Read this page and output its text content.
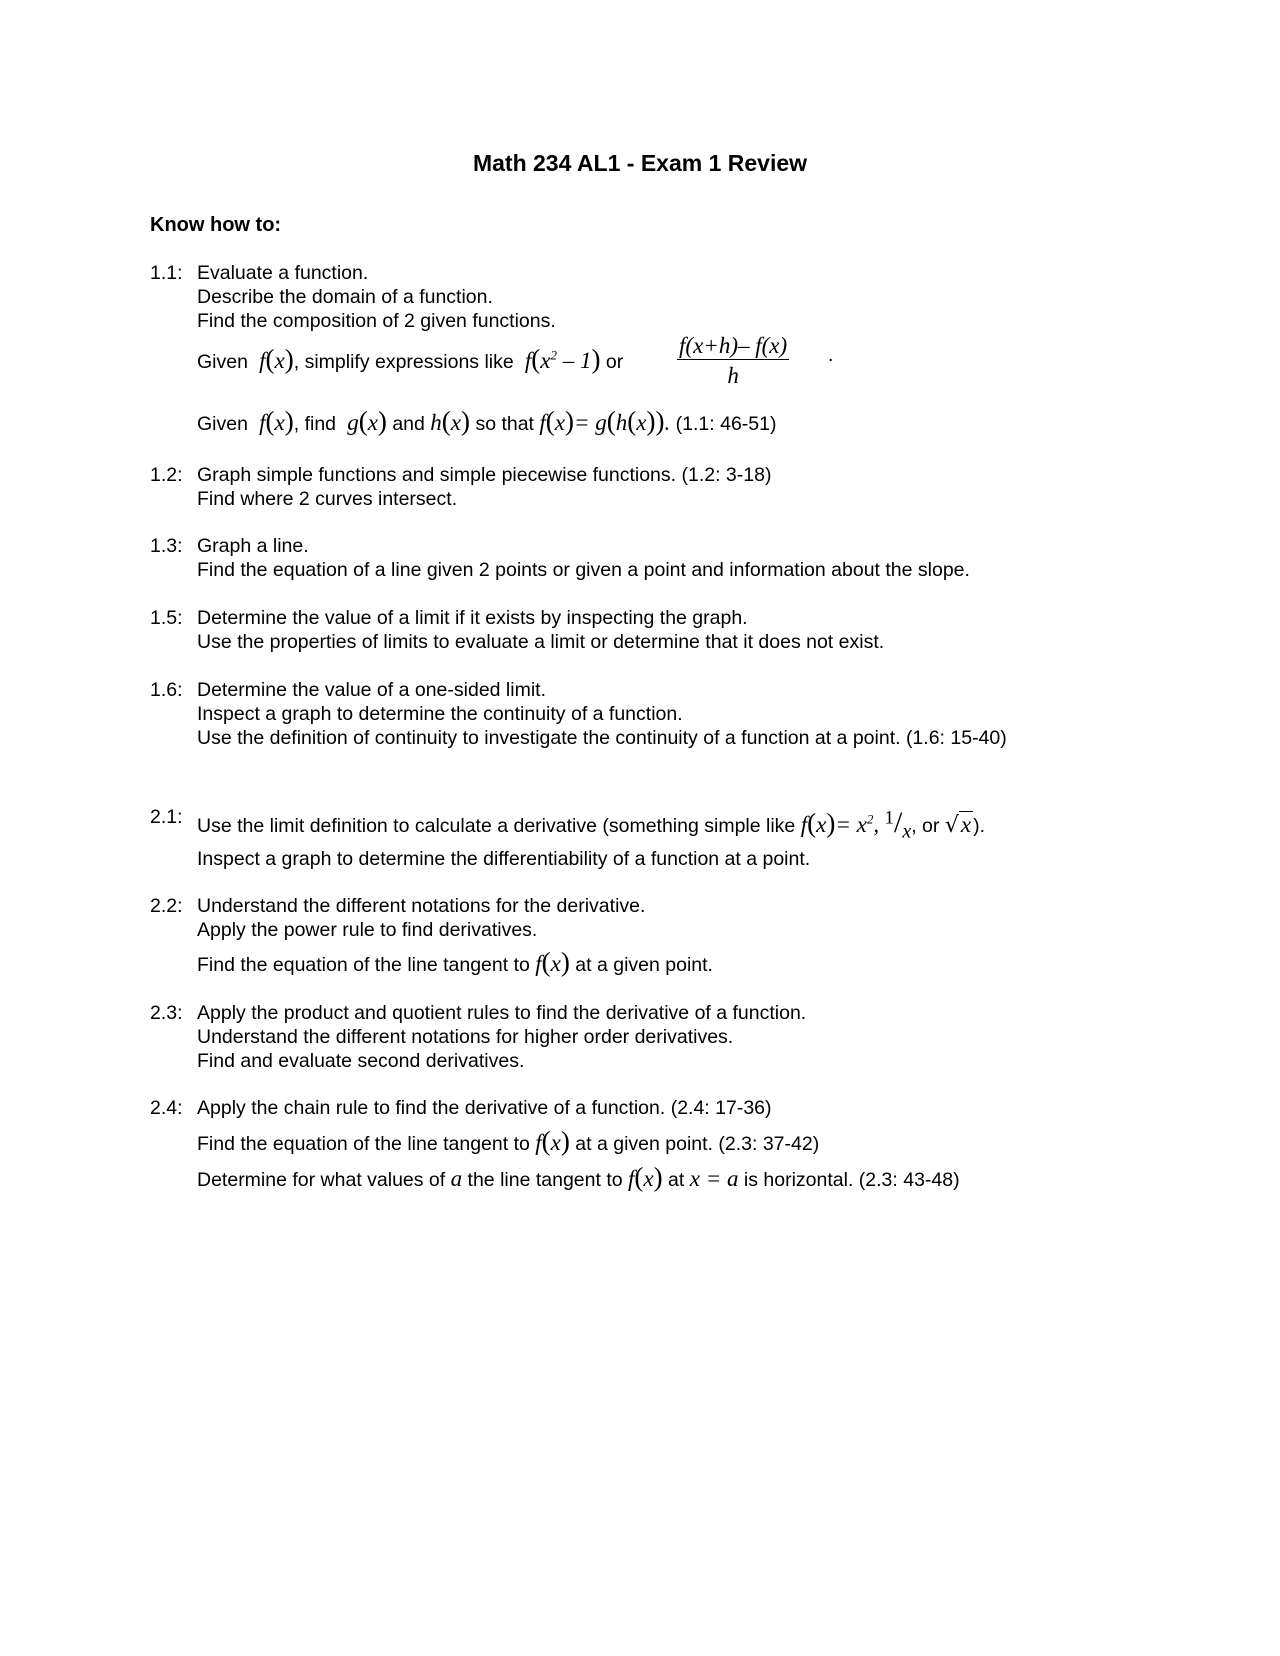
Math 234 AL1 - Exam 1 Review
Know how to:
1.1: Evaluate a function.
Describe the domain of a function.
Find the composition of 2 given functions.
Given  f(x), simplify expressions like  $f(x^2 - 1)$ or $\frac{f(x+h)- f(x)}{h}$ .
Given  f(x), find  g(x) and h(x) so that f(x)= g(h(x)). (1.1: 46-51)
1.2: Graph simple functions and simple piecewise functions. (1.2: 3-18)
Find where 2 curves intersect.
1.3: Graph a line.
Find the equation of a line given 2 points or given a point and information about the slope.
1.5: Determine the value of a limit if it exists by inspecting the graph.
Use the properties of limits to evaluate a limit or determine that it does not exist.
1.6: Determine the value of a one-sided limit.
Inspect a graph to determine the continuity of a function.
Use the definition of continuity to investigate the continuity of a function at a point. (1.6: 15-40)
2.1: Use the limit definition to calculate a derivative (something simple like $f(x)= x^2$, $^1/_x$, or √x ).
Inspect a graph to determine the differentiability of a function at a point.
2.2: Understand the different notations for the derivative.
Apply the power rule to find derivatives.
Find the equation of the line tangent to f(x) at a given point.
2.3: Apply the product and quotient rules to find the derivative of a function.
Understand the different notations for higher order derivatives.
Find and evaluate second derivatives.
2.4: Apply the chain rule to find the derivative of a function. (2.4: 17-36)
Find the equation of the line tangent to f(x) at a given point. (2.3: 37-42)
Determine for what values of a the line tangent to f(x) at x = a is horizontal. (2.3: 43-48)
